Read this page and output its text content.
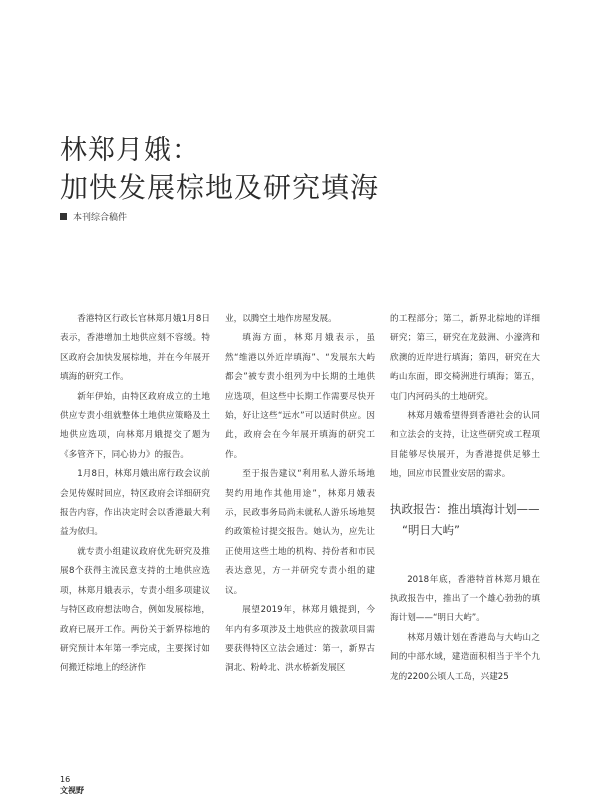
林郑月娥：
加快发展棕地及研究填海
本刊综合稿件

香港特区行政长官林郑月娥1月8日表示，香港增加土地供应刻不容缓。特区政府会加快发展棕地，并在今年展开填海的研究工作。

新年伊始，由特区政府成立的土地供应专责小组就整体土地供应策略及土地供应选项，向林郑月娥提交了题为《多管齐下，同心协力》的报告。

1月8日，林郑月娥出席行政会议前会见传媒时回应，特区政府会详细研究报告内容，作出决定时会以香港最大利益为依归。

就专责小组建议政府优先研究及推展8个获得主流民意支持的土地供应选项，林郑月娥表示，专责小组多项建议与特区政府想法吻合，例如发展棕地，政府已展开工作。两份关于新界棕地的研究预计本年第一季完成，主要探讨如何搬迁棕地上的经济作

业，以腾空土地作房屋发展。

填海方面，林郑月娥表示，虽然“维港以外近岸填海”、“发展东大屿都会”被专责小组列为中长期的土地供应选项，但这些中长期工作需要尽快开始，好让这些“远水”可以适时供应。因此，政府会在今年展开填海的研究工作。

至于报告建议“利用私人游乐场地契约用地作其他用途”，林郑月娥表示，民政事务局尚未就私人游乐场地契约政策检讨提交报告。她认为，应先让正使用这些土地的机构、持份者和市民表达意见，方一并研究专责小组的建议。

展望2019年，林郑月娥提到，今年内有多项涉及土地供应的拨款项目需要获得特区立法会通过：第一，新界古洞北、粉岭北、洪水桥新发展区

的工程部分；第二，新界北棕地的详细研究；第三，研究在龙鼓洲、小濠湾和欣澳的近岸进行填海；第四，研究在大屿山东面，即交椅洲进行填海；第五，屯门内河码头的土地研究。

林郑月娥希望得到香港社会的认同和立法会的支持，让这些研究或工程项目能够尽快展开，为香港提供足够土地，回应市民置业安居的需求。

执政报告：推出填海计划——
“明日大屿”

2018年底，香港特首林郑月娥在执政报告中，推出了一个雄心勃勃的填海计划——“明日大屿”。

林郑月娥计划在香港岛与大屿山之间的中部水域，建造面积相当于半个九龙的2200公顷人工岛，兴建25

16
文视野
